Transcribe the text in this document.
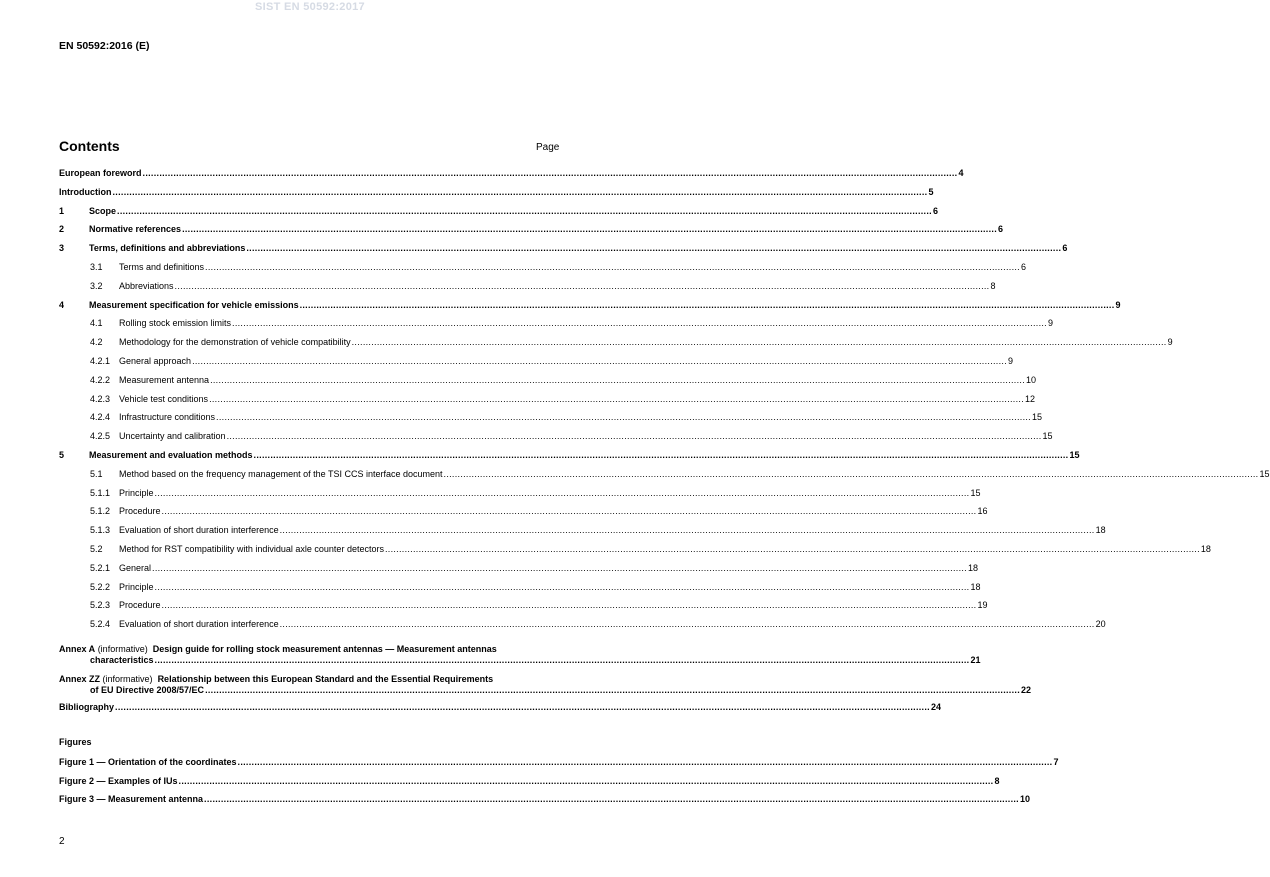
SIST EN 50592:2017
EN 50592:2016 (E)
Contents	Page
European foreword .....	4
Introduction .....	5
1	Scope .....	6
2	Normative references .....	6
3	Terms, definitions and abbreviations .....	6
3.1	Terms and definitions .....	6
3.2	Abbreviations .....	8
4	Measurement specification for vehicle emissions .....	9
4.1	Rolling stock emission limits .....	9
4.2	Methodology for the demonstration of vehicle compatibility .....	9
4.2.1 General approach .....	9
4.2.2 Measurement antenna .....	10
4.2.3 Vehicle test conditions .....	12
4.2.4 Infrastructure conditions .....	15
4.2.5 Uncertainty and calibration .....	15
5	Measurement and evaluation methods .....	15
5.1	Method based on the frequency management of the TSI CCS interface document .....	15
5.1.1 Principle .....	15
5.1.2 Procedure .....	16
5.1.3 Evaluation of short duration interference .....	18
5.2	Method for RST compatibility with individual axle counter detectors .....	18
5.2.1 General .....	18
5.2.2 Principle .....	18
5.2.3 Procedure .....	19
5.2.4 Evaluation of short duration interference .....	20
Annex A (informative) Design guide for rolling stock measurement antennas — Measurement antennas
characteristics .....	21
Annex ZZ (informative) Relationship between this European Standard and the Essential Requirements
of EU Directive 2008/57/EC .....	22
Bibliography .....	24
Figures
Figure 1 — Orientation of the coordinates .....	7
Figure 2 — Examples of IUs .....	8
Figure 3 — Measurement antenna .....	10
2
